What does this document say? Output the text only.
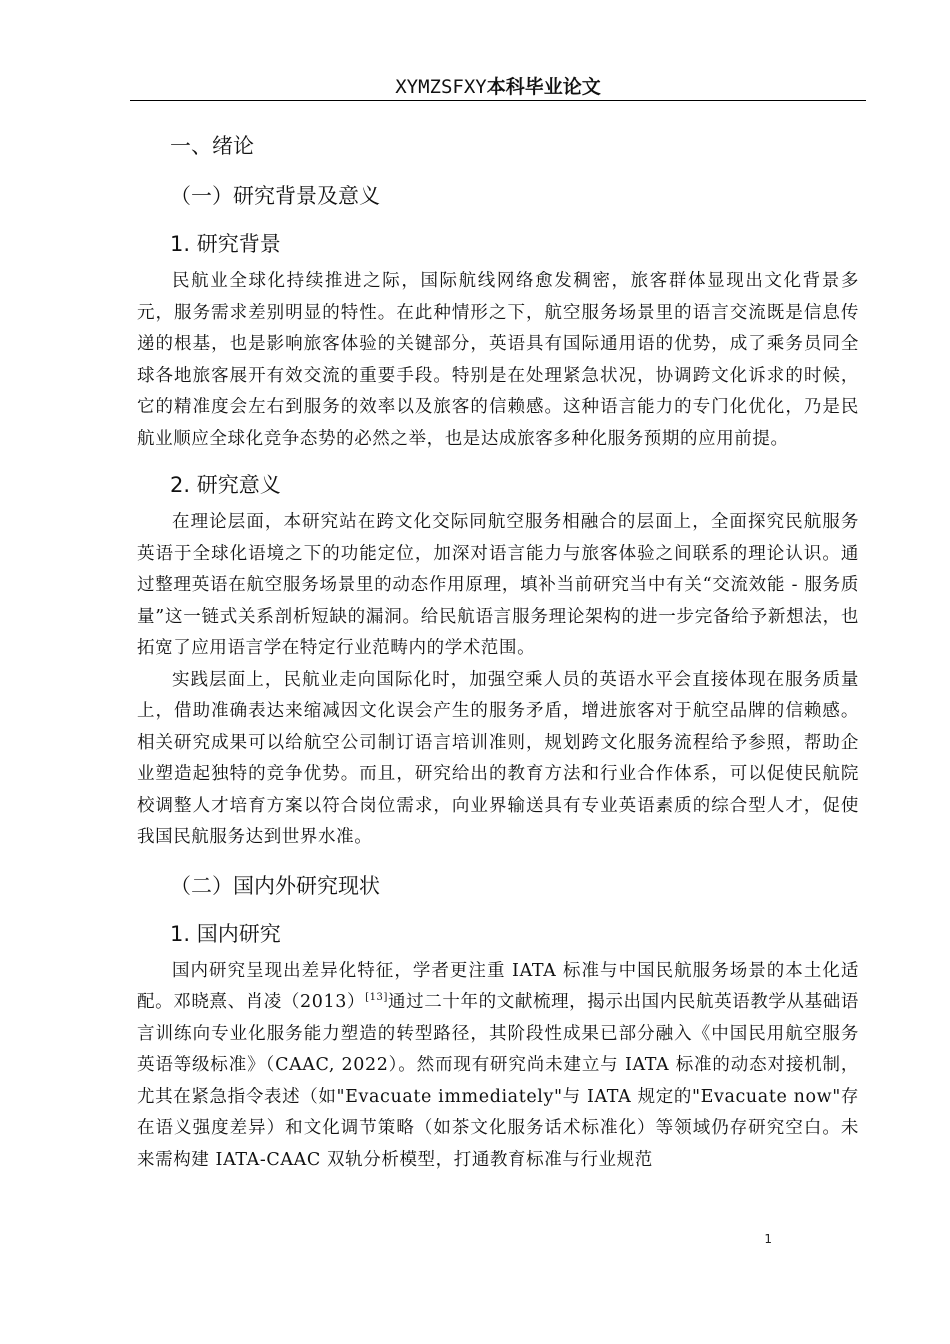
XYMZSFXY本科毕业论文
一、绪论
（一）研究背景及意义
1. 研究背景

民航业全球化持续推进之际，国际航线网络愈发稠密，旅客群体显现出文化背景多元，服务需求差别明显的特性。在此种情形之下，航空服务场景里的语言交流既是信息传递的根基，也是影响旅客体验的关键部分，英语具有国际通用语的优势，成了乘务员同全球各地旅客展开有效交流的重要手段。特别是在处理紧急状况，协调跨文化诉求的时候，它的精准度会左右到服务的效率以及旅客的信赖感。这种语言能力的专门化优化，乃是民航业顺应全球化竞争态势的必然之举，也是达成旅客多种化服务预期的应用前提。

2. 研究意义

在理论层面，本研究站在跨文化交际同航空服务相融合的层面上，全面探究民航服务英语于全球化语境之下的功能定位，加深对语言能力与旅客体验之间联系的理论认识。通过整理英语在航空服务场景里的动态作用原理，填补当前研究当中有关“交流效能 - 服务质量”这一链式关系剖析短缺的漏洞。给民航语言服务理论架构的进一步完备给予新想法，也拓宽了应用语言学在特定行业范畴内的学术范围。

实践层面上，民航业走向国际化时，加强空乘人员的英语水平会直接体现在服务质量上，借助准确表达来缩减因文化误会产生的服务矛盾，增进旅客对于航空品牌的信赖感。相关研究成果可以给航空公司制订语言培训准则，规划跨文化服务流程给予参照，帮助企业塑造起独特的竞争优势。而且，研究给出的教育方法和行业合作体系，可以促使民航院校调整人才培育方案以符合岗位需求，向业界输送具有专业英语素质的综合型人才，促使我国民航服务达到世界水准。

（二）国内外研究现状
1. 国内研究

国内研究呈现出差异化特征，学者更注重 IATA 标准与中国民航服务场景的本土化适配。邓晓熹、肖凌（2013）[13]通过二十年的文献梳理，揭示出国内民航英语教学从基础语言训练向专业化服务能力塑造的转型路径，其阶段性成果已部分融入《中国民用航空服务英语等级标准》（CAAC, 2022）。然而现有研究尚未建立与 IATA 标准的动态对接机制，尤其在紧急指令表述（如"Evacuate immediately"与 IATA 规定的"Evacuate now"存在语义强度差异）和文化调节策略（如茶文化服务话术标准化）等领域仍存研究空白。未来需构建 IATA-CAAC 双轨分析模型，打通教育标准与行业规范

1
